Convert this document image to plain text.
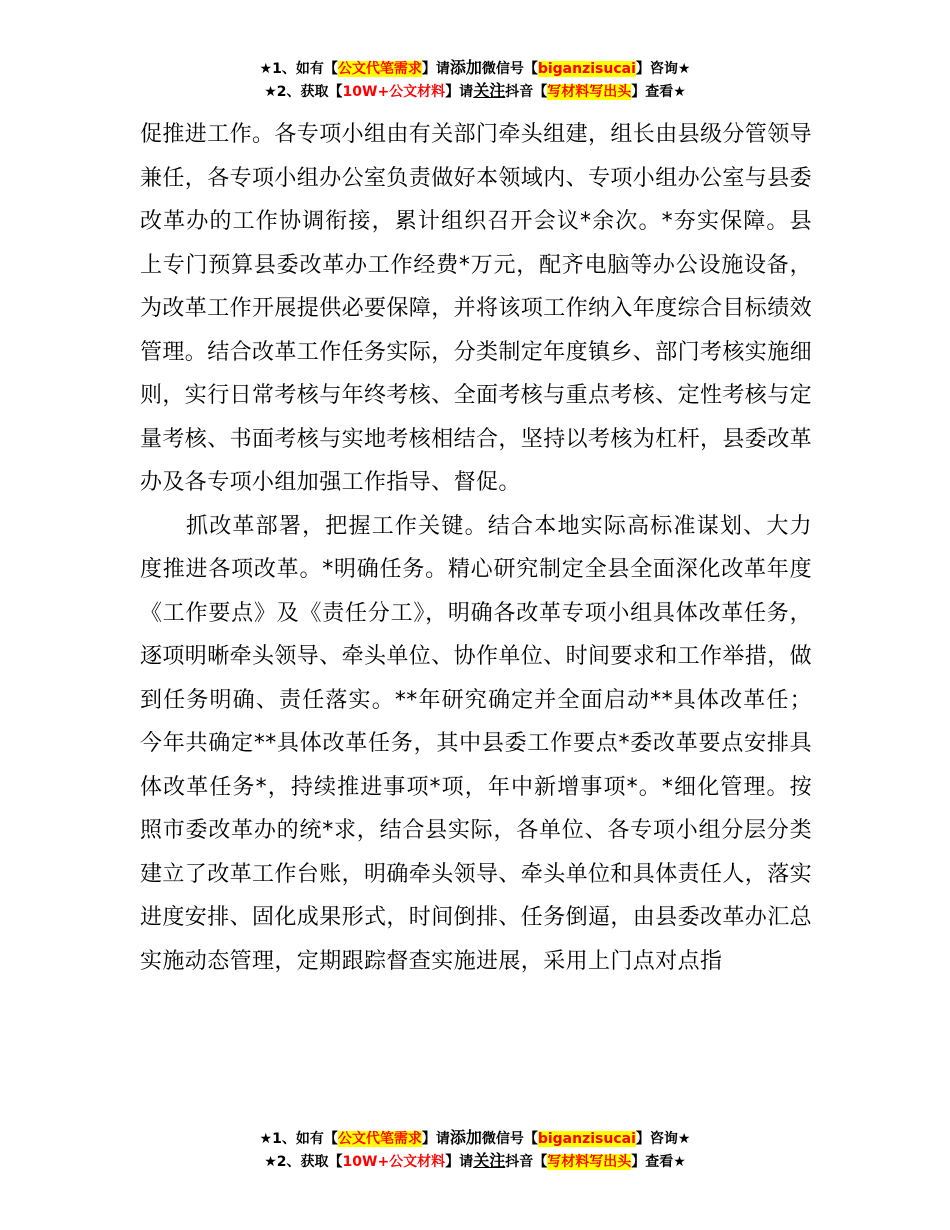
★1、如有【公文代笔需求】请添加微信号【biganzisucai】咨询★
★2、获取【10W+公文材料】请关注抖音【写材料写出头】查看★

促推进工作。各专项小组由有关部门牵头组建，组长由县级分管领导兼任，各专项小组办公室负责做好本领域内、专项小组办公室与县委改革办的工作协调衔接，累计组织召开会议*余次。*夯实保障。县上专门预算县委改革办工作经费*万元，配齐电脑等办公设施设备，为改革工作开展提供必要保障，并将该项工作纳入年度综合目标绩效管理。结合改革工作任务实际，分类制定年度镇乡、部门考核实施细则，实行日常考核与年终考核、全面考核与重点考核、定性考核与定量考核、书面考核与实地考核相结合，坚持以考核为杠杆，县委改革办及各专项小组加强工作指导、督促。

抓改革部署，把握工作关键。结合本地实际高标准谋划、大力度推进各项改革。*明确任务。精心研究制定全县全面深化改革年度《工作要点》及《责任分工》，明确各改革专项小组具体改革任务，逐项明晰牵头领导、牵头单位、协作单位、时间要求和工作举措，做到任务明确、责任落实。**年研究确定并全面启动**具体改革任；今年共确定**具体改革任务，其中县委工作要点*委改革要点安排具体改革任务*，持续推进事项*项，年中新增事项*。*细化管理。按照市委改革办的统*求，结合县实际，各单位、各专项小组分层分类建立了改革工作台账，明确牵头领导、牵头单位和具体责任人，落实进度安排、固化成果形式，时间倒排、任务倒逼，由县委改革办汇总实施动态管理，定期跟踪督查实施进展，采用上门点对点指

★1、如有【公文代笔需求】请添加微信号【biganzisucai】咨询★
★2、获取【10W+公文材料】请关注抖音【写材料写出头】查看★
